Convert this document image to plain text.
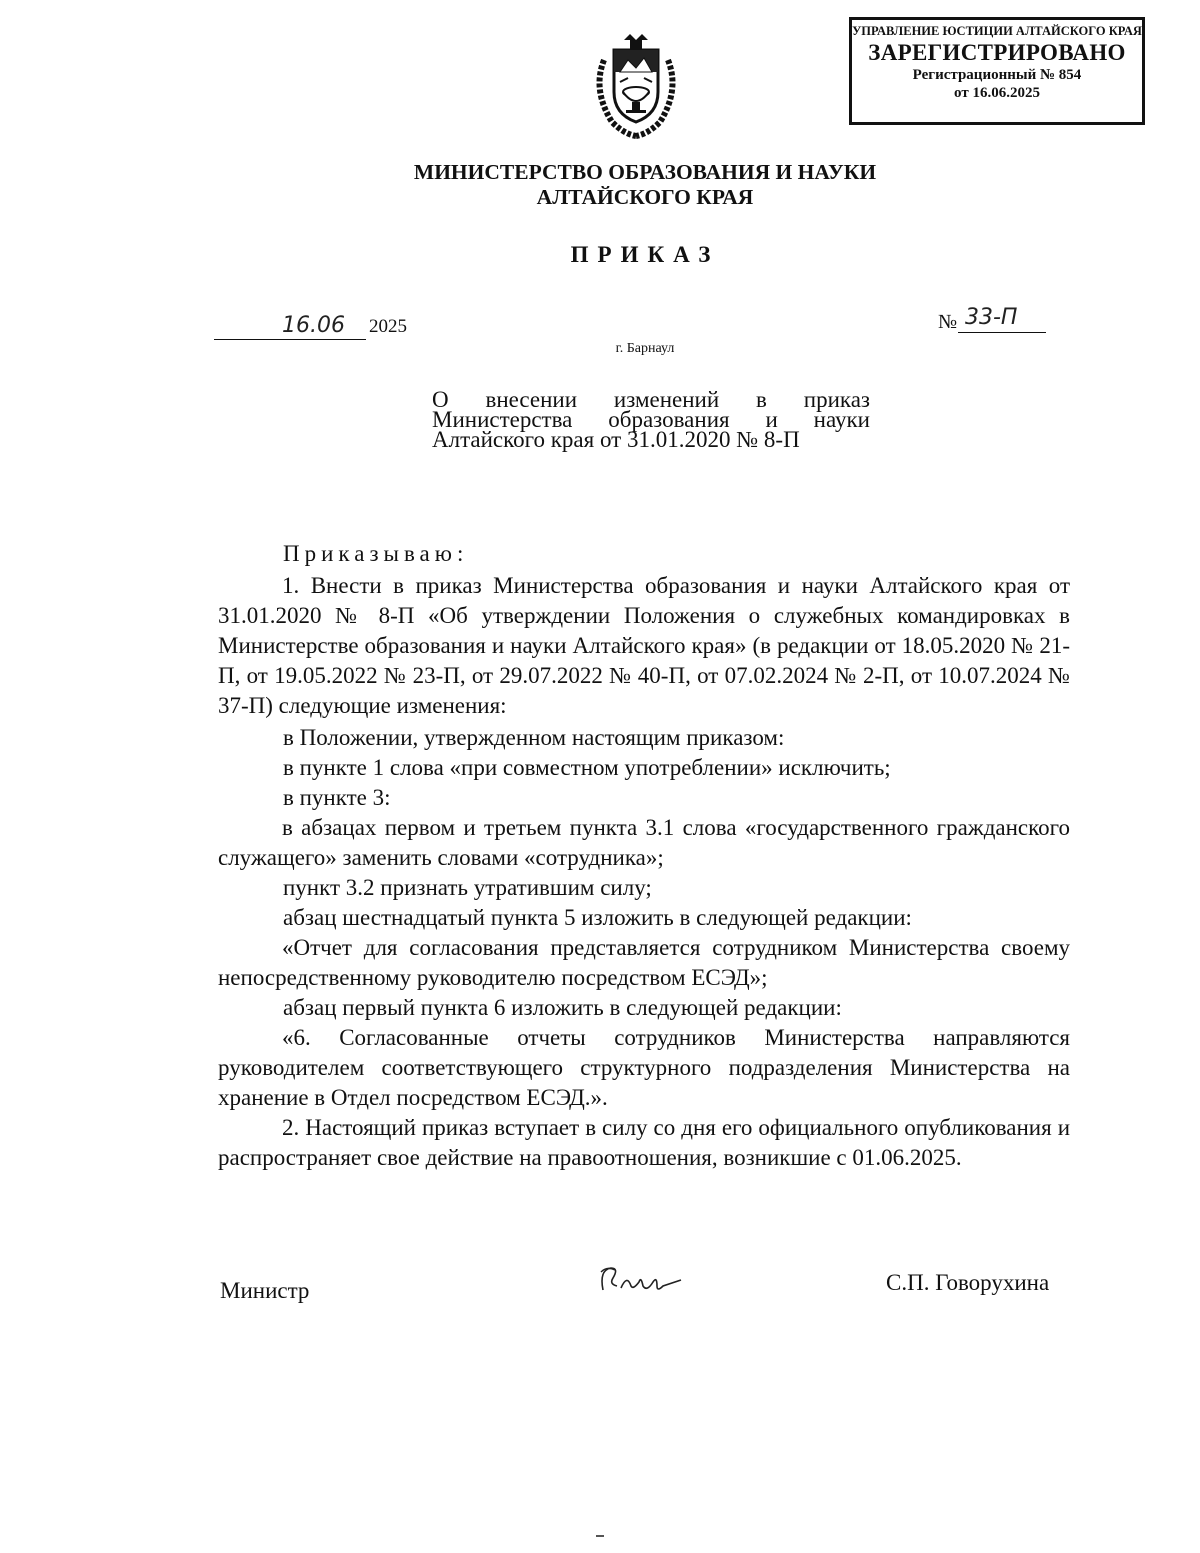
УПРАВЛЕНИЕ ЮСТИЦИИ АЛТАЙСКОГО КРАЯ
ЗАРЕГИСТРИРОВАНО
Регистрационный № 854
от 16.06.2025
МИНИСТЕРСТВО ОБРАЗОВАНИЯ И НАУКИ
АЛТАЙСКОГО КРАЯ
ПРИКАЗ
16.06 2025	№ 33-П
г. Барнаул
О внесении изменений в приказ Министерства образования и науки Алтайского края от 31.01.2020 № 8-П
Приказываю:
1. Внести в приказ Министерства образования и науки Алтайского края от 31.01.2020 № 8-П «Об утверждении Положения о служебных командировках в Министерстве образования и науки Алтайского края» (в редакции от 18.05.2020 № 21-П, от 19.05.2022 № 23-П, от 29.07.2022 № 40-П, от 07.02.2024 № 2-П, от 10.07.2024 № 37-П) следующие изменения:
в Положении, утвержденном настоящим приказом:
в пункте 1 слова «при совместном употреблении» исключить;
в пункте 3:
в абзацах первом и третьем пункта 3.1 слова «государственного гражданского служащего» заменить словами «сотрудника»;
пункт 3.2 признать утратившим силу;
абзац шестнадцатый пункта 5 изложить в следующей редакции:
«Отчет для согласования представляется сотрудником Министерства своему непосредственному руководителю посредством ЕСЭД»;
абзац первый пункта 6 изложить в следующей редакции:
«6. Согласованные отчеты сотрудников Министерства направляются руководителем соответствующего структурного подразделения Министерства на хранение в Отдел посредством ЕСЭД.».
2. Настоящий приказ вступает в силу со дня его официального опубликования и распространяет свое действие на правоотношения, возникшие с 01.06.2025.
Министр	С.П. Говорухина
